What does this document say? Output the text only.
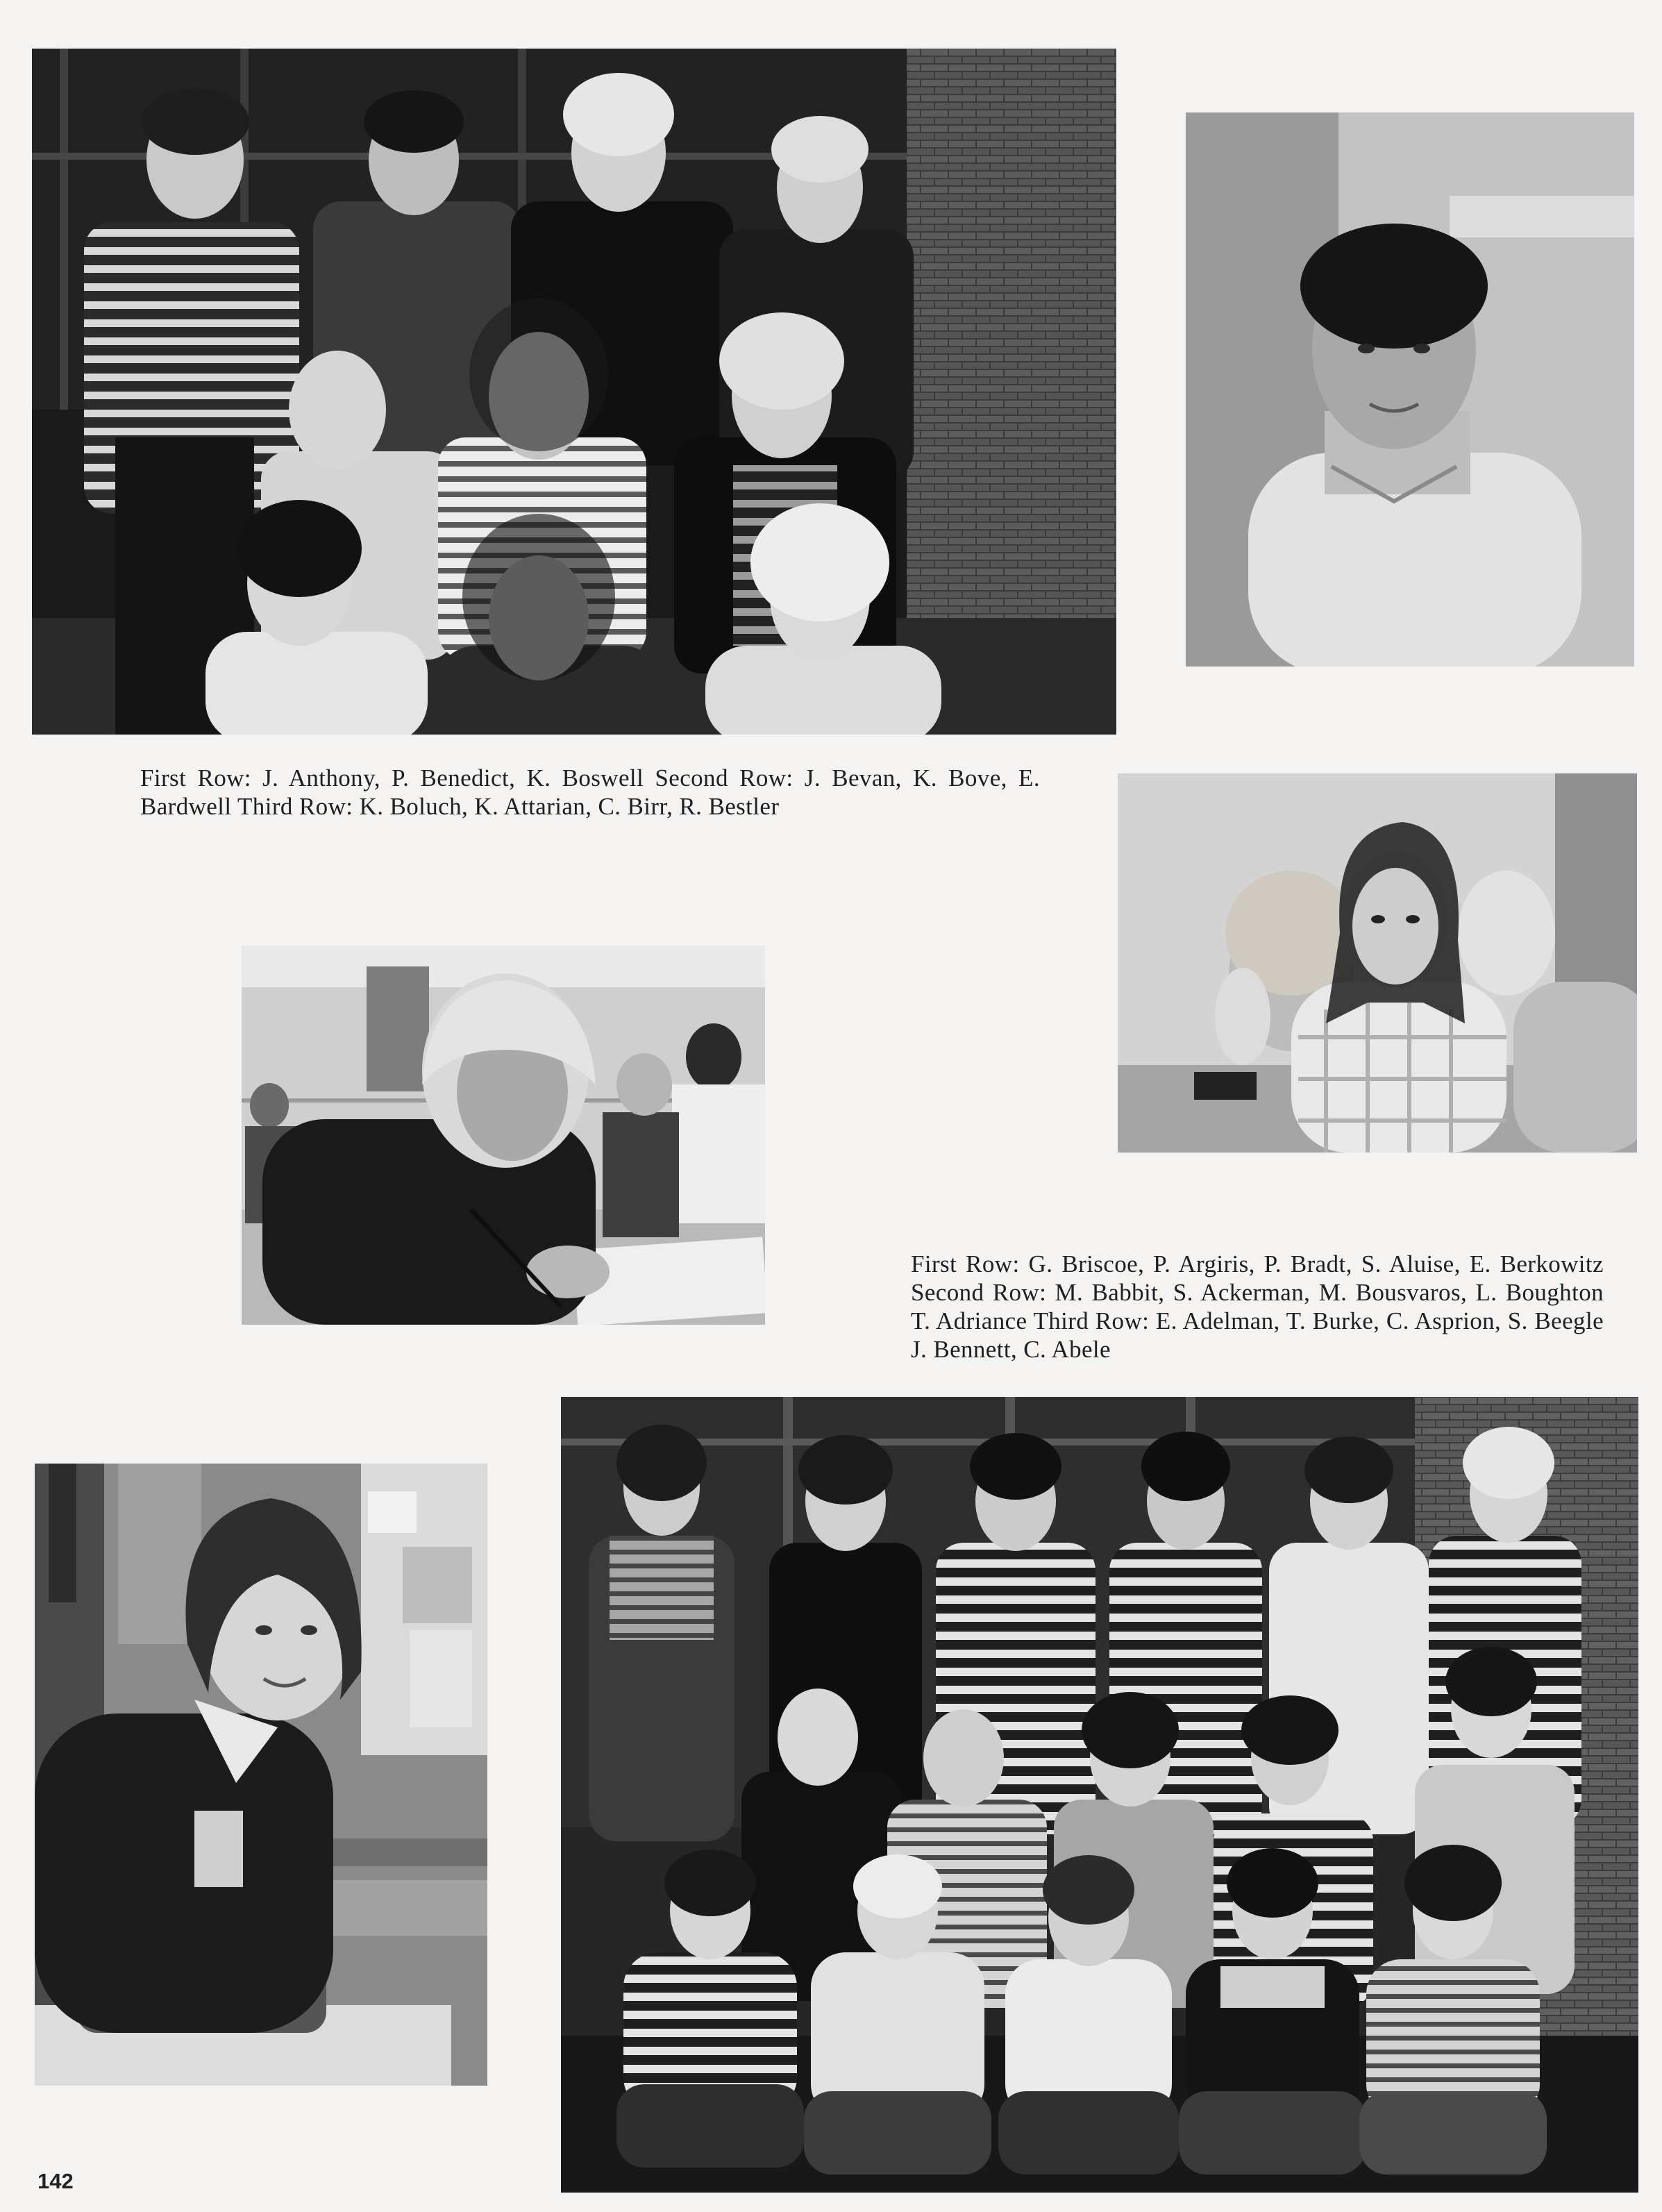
First Row: J. Anthony, P. Benedict, K. Boswell Second Row: J. Bevan, K. Bove, E. Bardwell Third Row: K. Boluch, K. Attarian, C. Birr, R. Bestler

First Row: G. Briscoe, P. Argiris, P. Bradt, S. Aluise, E. Berkowitz Second Row: M. Babbit, S. Ackerman, M. Bousvaros, L. Boughton T. Adriance Third Row: E. Adelman, T. Burke, C. Asprion, S. Beegle J. Bennett, C. Abele

142
